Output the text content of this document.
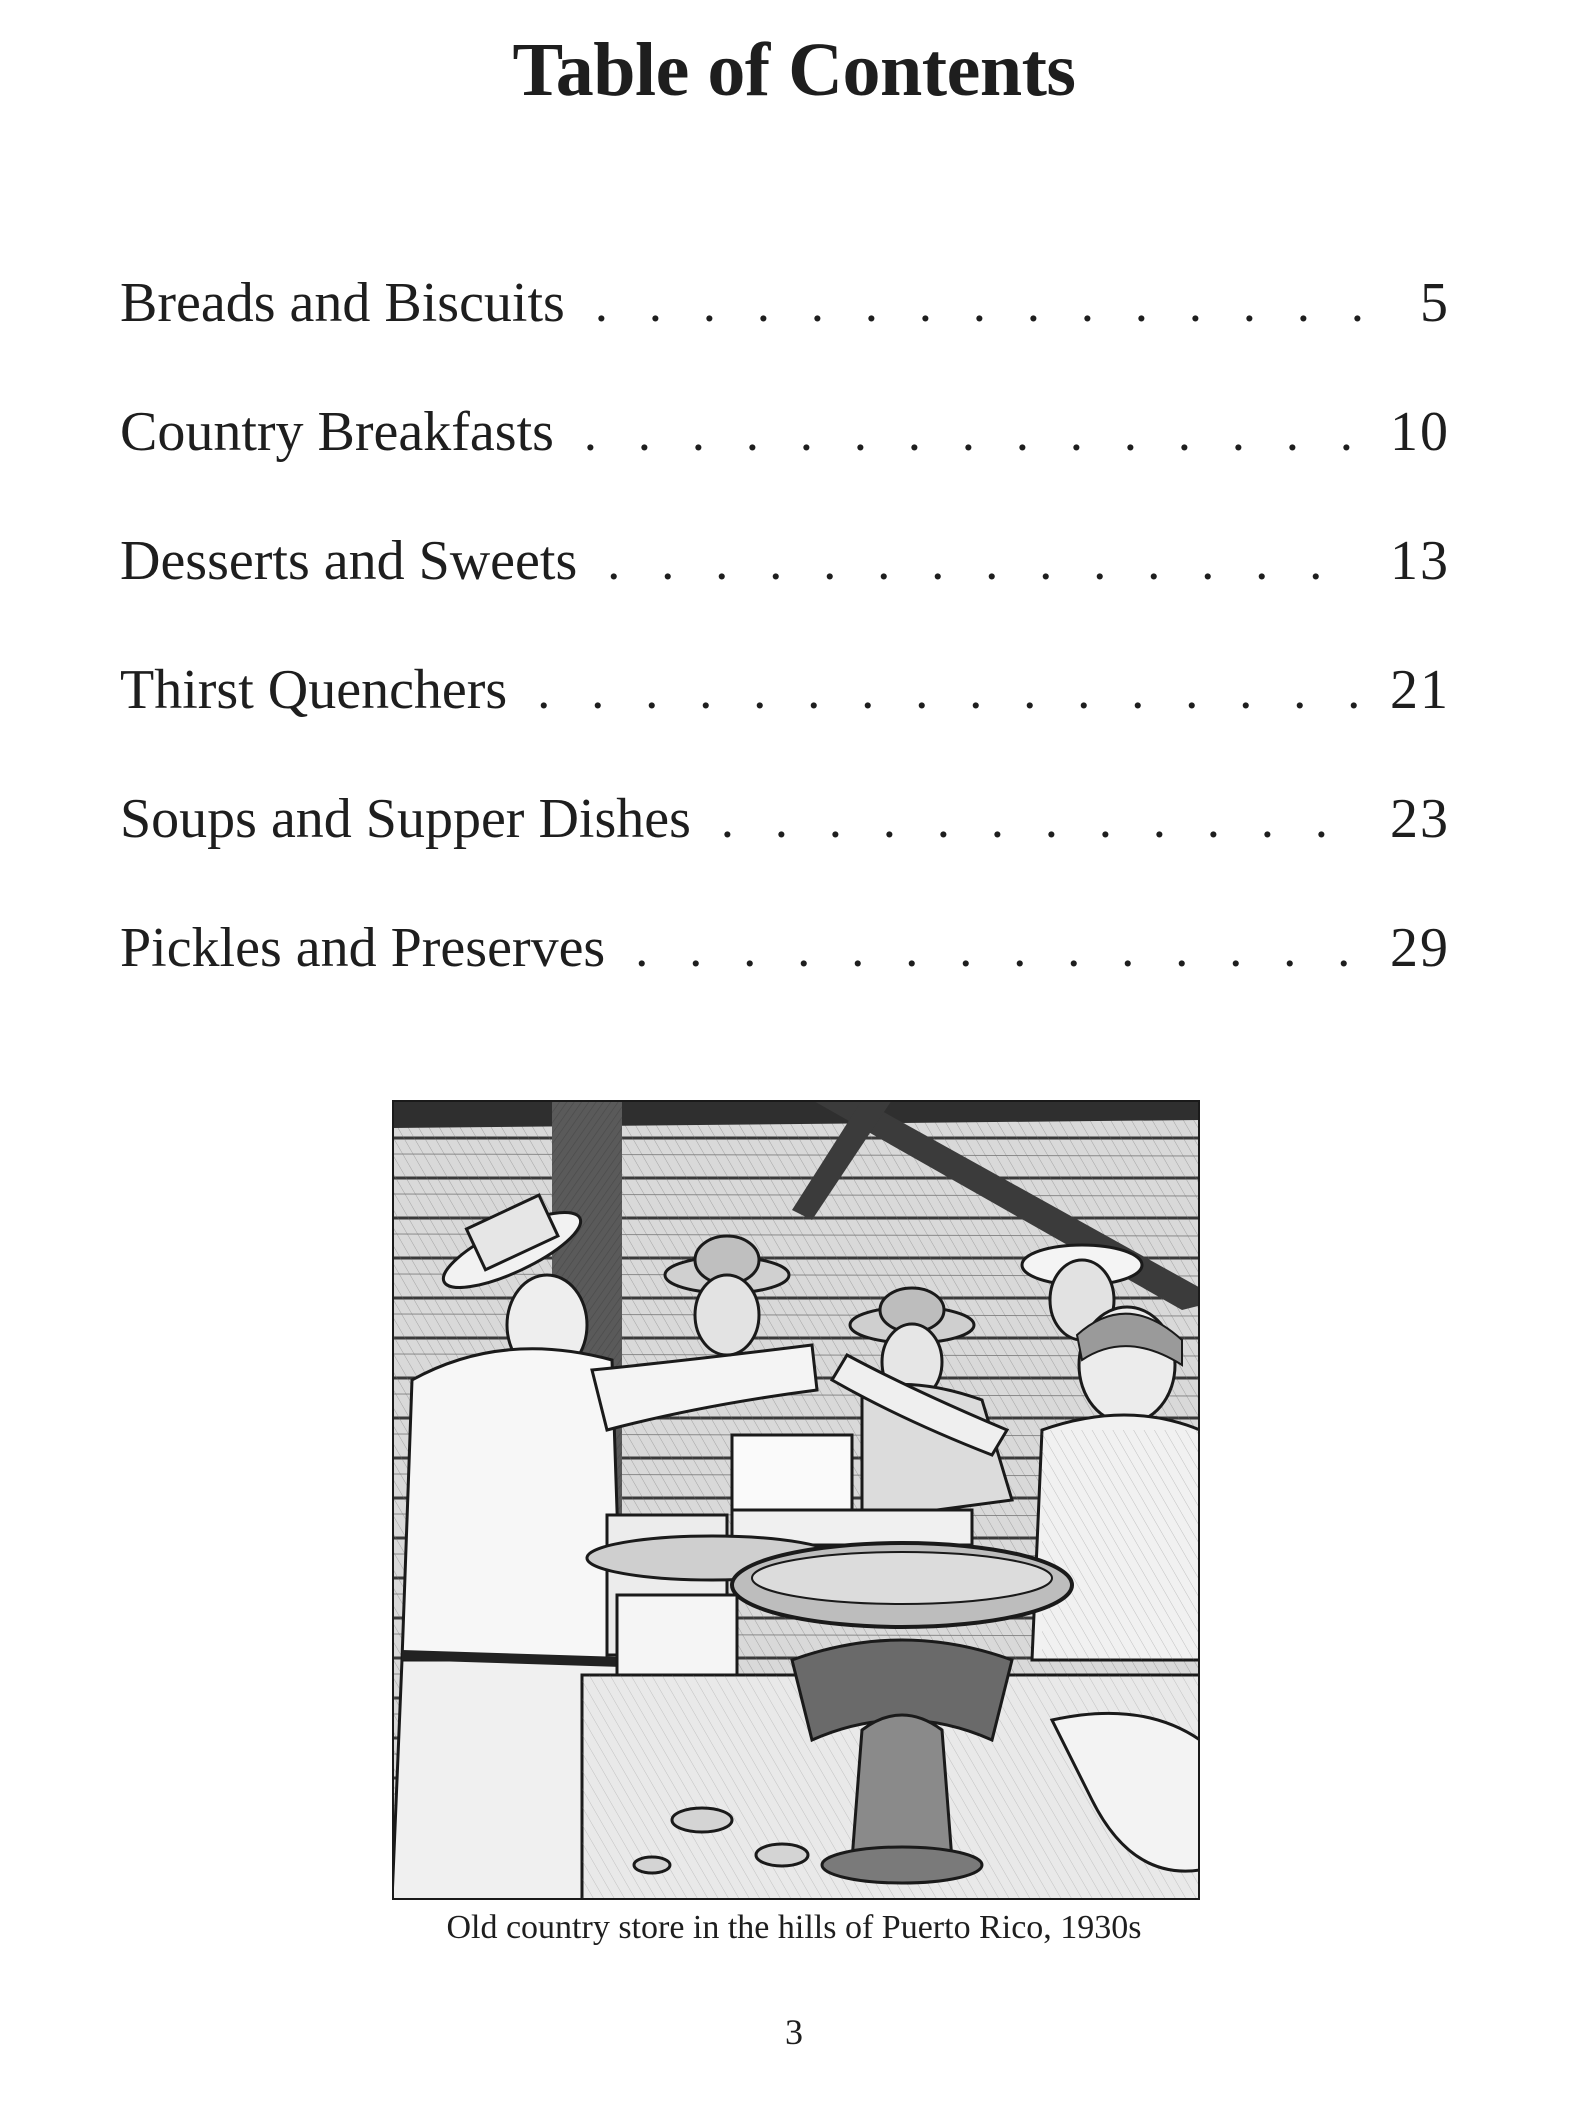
Table of Contents
Breads and Biscuits . . .	5
Country Breakfasts . . .	10
Desserts and Sweets . . .	13
Thirst Quenchers . . .	21
Soups and Supper Dishes . . .	23
Pickles and Preserves . . .	29
Old country store in the hills of Puerto Rico, 1930s
3
